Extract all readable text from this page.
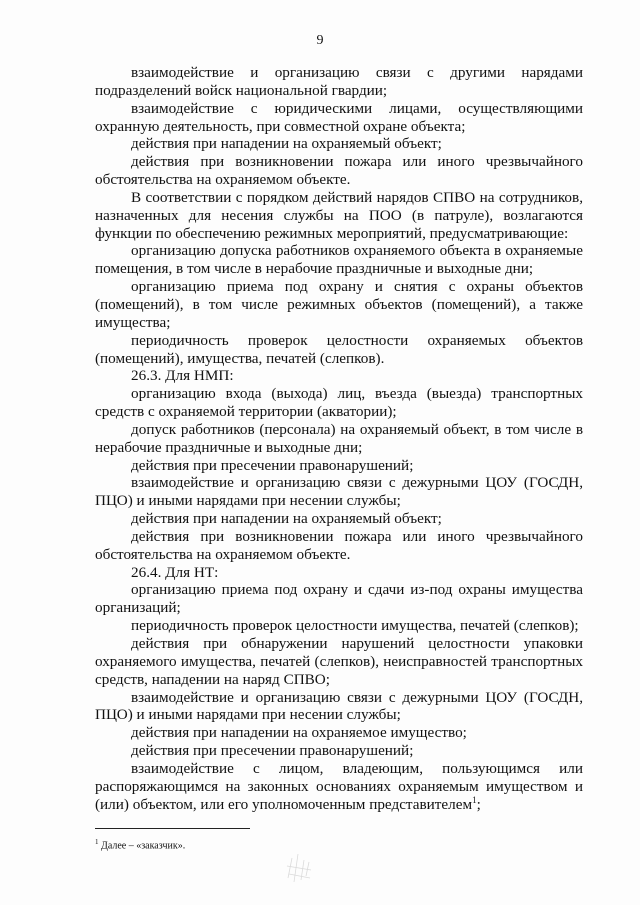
9

взаимодействие и организацию связи с другими нарядами подразделений войск национальной гвардии;

взаимодействие с юридическими лицами, осуществляющими охранную деятельность, при совместной охране объекта;

действия при нападении на охраняемый объект;

действия при возникновении пожара или иного чрезвычайного обстоятельства на охраняемом объекте.

В соответствии с порядком действий нарядов СПВО на сотрудников, назначенных для несения службы на ПОО (в патруле), возлагаются функции по обеспечению режимных мероприятий, предусматривающие:

организацию допуска работников охраняемого объекта в охраняемые помещения, в том числе в нерабочие праздничные и выходные дни;

организацию приема под охрану и снятия с охраны объектов (помещений), в том числе режимных объектов (помещений), а также имущества;

периодичность проверок целостности охраняемых объектов (помещений), имущества, печатей (слепков).

26.3. Для НМП:

организацию входа (выхода) лиц, въезда (выезда) транспортных средств с охраняемой территории (акватории);

допуск работников (персонала) на охраняемый объект, в том числе в нерабочие праздничные и выходные дни;

действия при пресечении правонарушений;

взаимодействие и организацию связи с дежурными ЦОУ (ГОСДН, ПЦО) и иными нарядами при несении службы;

действия при нападении на охраняемый объект;

действия при возникновении пожара или иного чрезвычайного обстоятельства на охраняемом объекте.

26.4. Для НТ:

организацию приема под охрану и сдачи из-под охраны имущества организаций;

периодичность проверок целостности имущества, печатей (слепков);

действия при обнаружении нарушений целостности упаковки охраняемого имущества, печатей (слепков), неисправностей транспортных средств, нападении на наряд СПВО;

взаимодействие и организацию связи с дежурными ЦОУ (ГОСДН, ПЦО) и иными нарядами при несении службы;

действия при нападении на охраняемое имущество;

действия при пресечении правонарушений;

взаимодействие с лицом, владеющим, пользующимся или распоряжающимся на законных основаниях охраняемым имуществом и (или) объектом, или его уполномоченным представителем$^1$;

$^1$ Далее – «заказчик».
